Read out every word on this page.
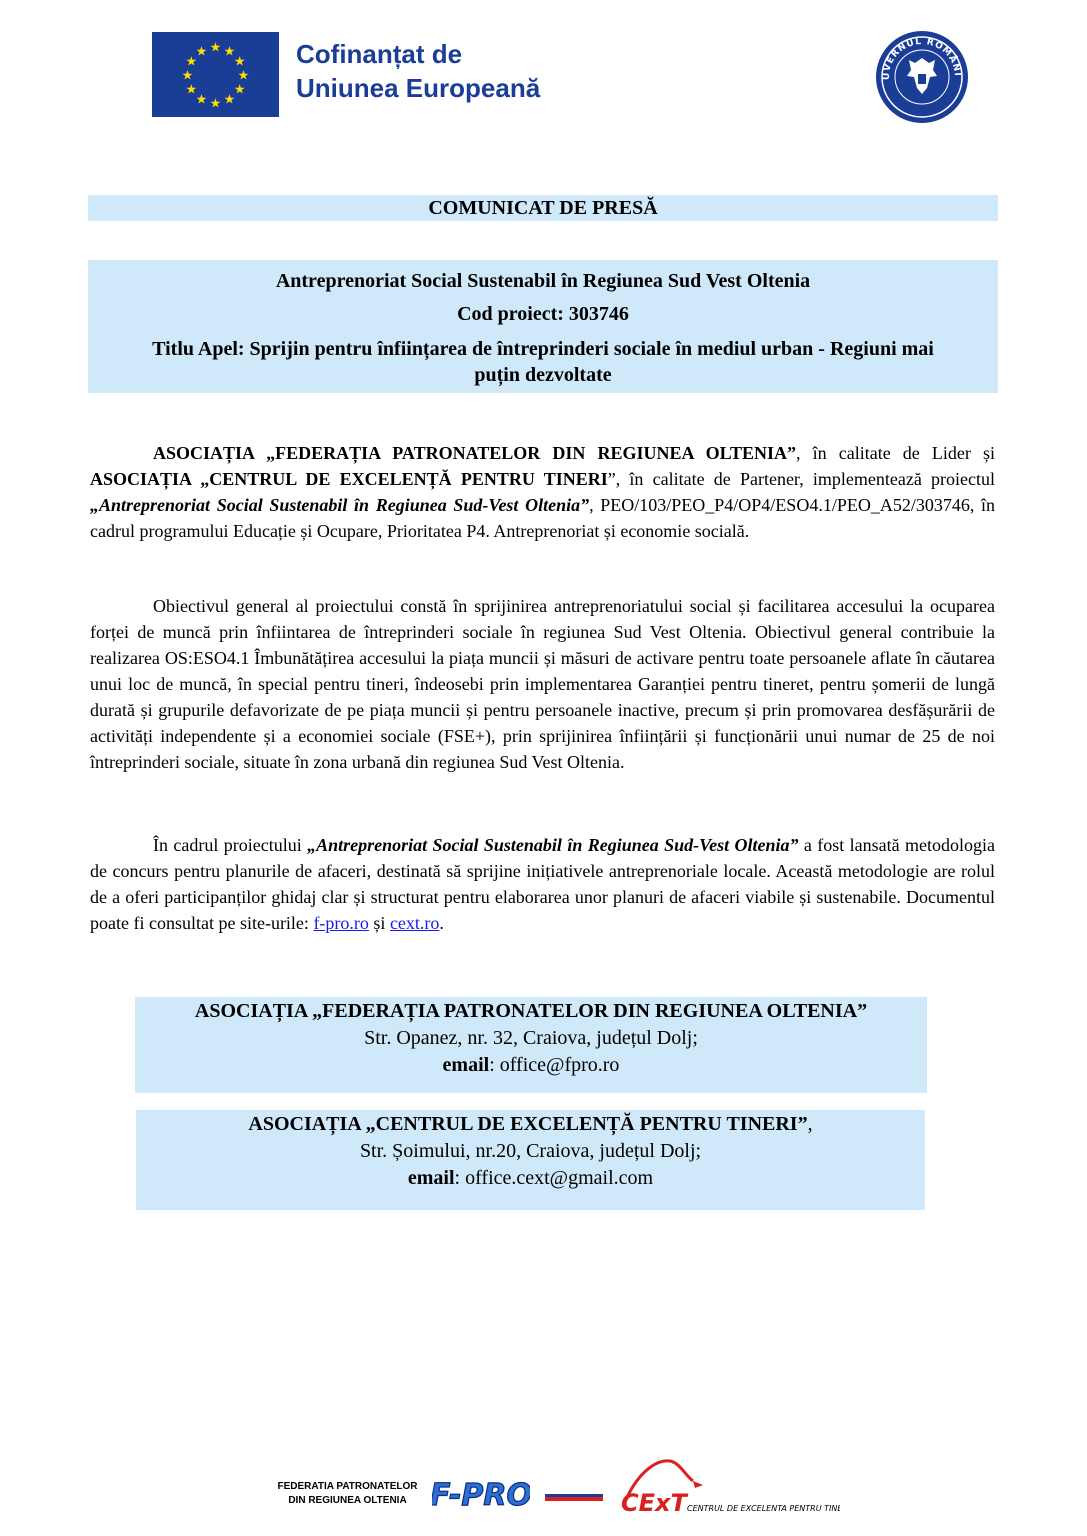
★ ★
★
★
★
★
★
★
★
★
★
★	Cofinanțat de
Uniunea Europeană	UVERNUL ROMÂNI
COMUNICAT DE PRESĂ
Antreprenoriat Social Sustenabil în Regiunea Sud Vest Oltenia
Cod proiect: 303746
Titlu Apel: Sprijin pentru înființarea de întreprinderi sociale în mediul urban - Regiuni mai
puțin dezvoltate
ASOCIAȚIA „FEDERAȚIA PATRONATELOR DIN REGIUNEA OLTENIA”, în calitate de Lider și ASOCIAȚIA „CENTRUL DE EXCELENȚĂ PENTRU TINERI”, în calitate de Partener, implementează proiectul „Antreprenoriat Social Sustenabil în Regiunea Sud-Vest Oltenia”, PEO/103/PEO_P4/OP4/ESO4.1/PEO_A52/303746, în cadrul programului Educație și Ocupare, Prioritatea P4. Antreprenoriat și economie socială.
Obiectivul general al proiectului constă în sprijinirea antreprenoriatului social și facilitarea accesului la ocuparea forței de muncă prin înfiintarea de întreprinderi sociale în regiunea Sud Vest Oltenia. Obiectivul general contribuie la realizarea OS:ESO4.1 Îmbunătățirea accesului la piața muncii și măsuri de activare pentru toate persoanele aflate în căutarea unui loc de muncă, în special pentru tineri, îndeosebi prin implementarea Garanției pentru tineret, pentru șomerii de lungă durată și grupurile defavorizate de pe piața muncii și pentru persoanele inactive, precum și prin promovarea desfășurării de activități independente și a economiei sociale (FSE+), prin sprijinirea înființării și funcționării unui numar de 25 de noi întreprinderi sociale, situate în zona urbană din regiunea Sud Vest Oltenia.
În cadrul proiectului „Antreprenoriat Social Sustenabil în Regiunea Sud-Vest Oltenia” a fost lansată metodologia de concurs pentru planurile de afaceri, destinată să sprijine inițiativele antreprenoriale locale. Această metodologie are rolul de a oferi participanților ghidaj clar și structurat pentru elaborarea unor planuri de afaceri viabile și sustenabile. Documentul poate fi consultat pe site-urile: f-pro.ro și cext.ro.
ASOCIAȚIA „FEDERAȚIA PATRONATELOR DIN REGIUNEA OLTENIA”
Str. Opanez, nr. 32, Craiova, județul Dolj;
email: office@fpro.ro
ASOCIAȚIA „CENTRUL DE EXCELENȚĂ PENTRU TINERI”,
Str. Șoimului, nr.20, Craiova, județul Dolj;
email: office.cext@gmail.com
FEDERATIA PATRONATELOR
DIN REGIUNEA OLTENIA F-PRO	CExT CENTRUL DE EXCELENTA PENTRU TINERI
